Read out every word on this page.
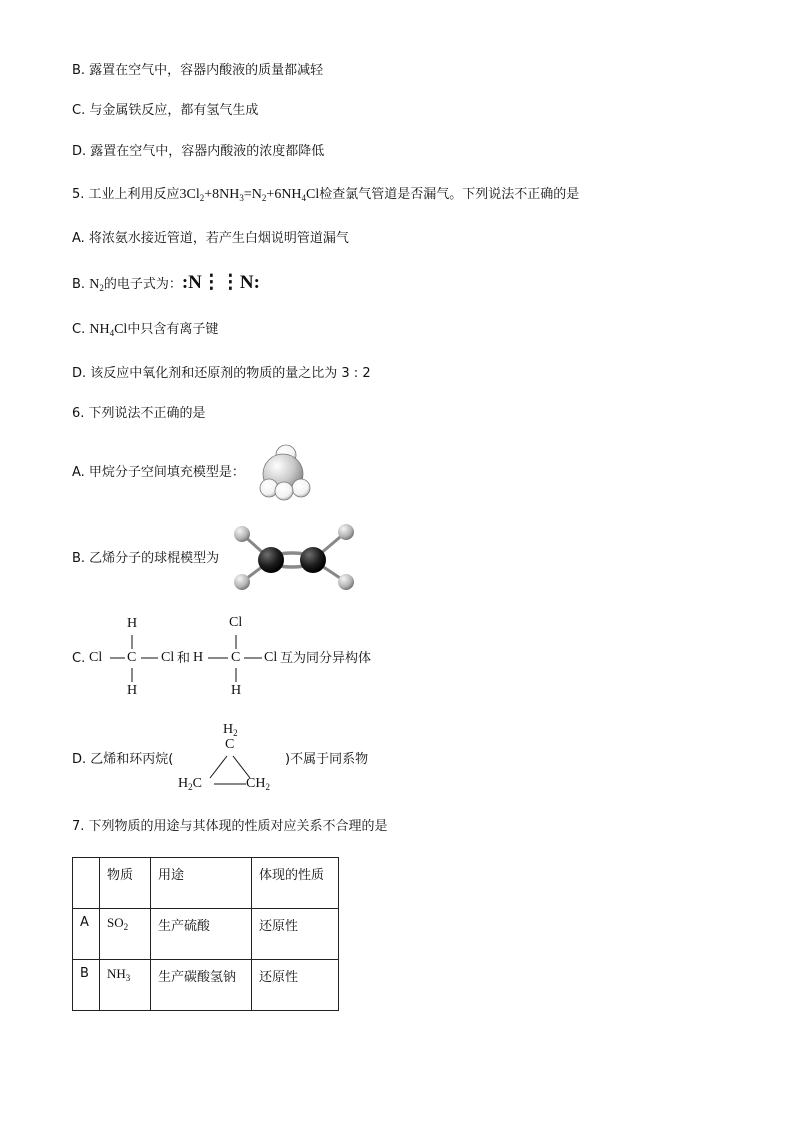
B. 露置在空气中，容器内酸液的质量都减轻
C. 与金属铁反应，都有氢气生成
D. 露置在空气中，容器内酸液的浓度都降低
5. 工业上利用反应$3Cl_2+8NH_3=N_2+6NH_4Cl$检查氯气管道是否漏气。下列说法不正确的是
A. 将浓氨水接近管道，若产生白烟说明管道漏气
B. $N_2$的电子式为：:N⋮⋮N:
C. $NH_4Cl$中只含有离子键
D. 该反应中氧化剂和还原剂的物质的量之比为 3 : 2
6. 下列说法不正确的是
A. 甲烷分子空间填充模型是：
B. 乙烯分子的球棍模型为
C.
H
Cl C Cl
H
和
Cl
H C Cl
H
互为同分异构体
D. 乙烯和环丙烷(
$H_2$
C
$H_2C$	$CH_2$
)不属于同系物
7. 下列物质的用途与其体现的性质对应关系不合理的是
	物质	用途	体现的性质
A	$SO_2$	生产硫酸	还原性
B	$NH_3$	生产碳酸氢钠	还原性
